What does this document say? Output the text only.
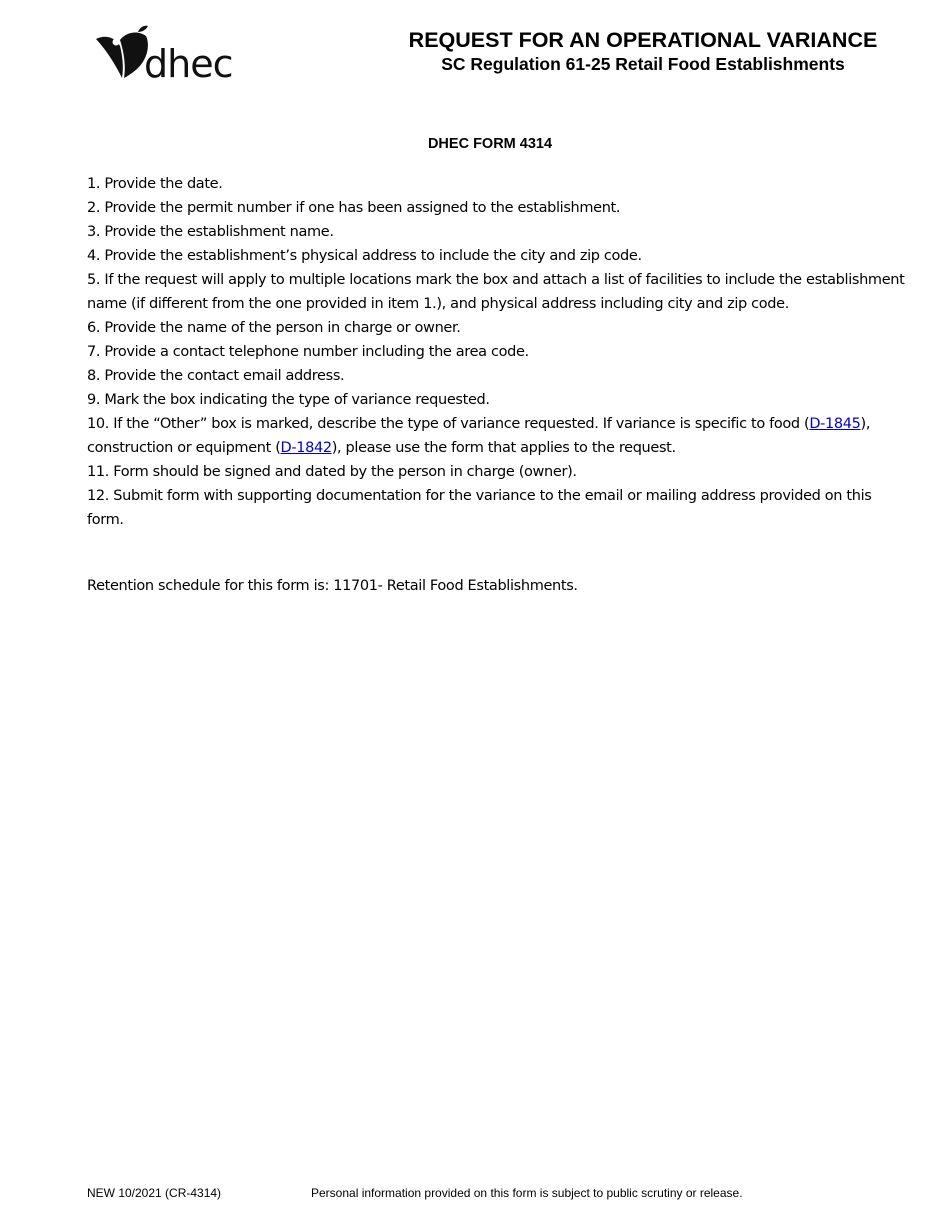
dhec
REQUEST FOR AN OPERATIONAL VARIANCE
SC Regulation 61-25 Retail Food Establishments
DHEC FORM 4314
1. Provide the date.
2. Provide the permit number if one has been assigned to the establishment.
3. Provide the establishment name.
4. Provide the establishment’s physical address to include the city and zip code.
5. If the request will apply to multiple locations mark the box and attach a list of facilities to include the establishment name (if different from the one provided in item 1.), and physical address including city and zip code.
6. Provide the name of the person in charge or owner.
7. Provide a contact telephone number including the area code.
8. Provide the contact email address.
9. Mark the box indicating the type of variance requested.
10. If the “Other” box is marked, describe the type of variance requested. If variance is specific to food (D-1845), construction or equipment (D-1842), please use the form that applies to the request.
11. Form should be signed and dated by the person in charge (owner).
12. Submit form with supporting documentation for the variance to the email or mailing address provided on this form.
Retention schedule for this form is: 11701- Retail Food Establishments.
NEW 10/2021 (CR-4314)	Personal information provided on this form is subject to public scrutiny or release.
